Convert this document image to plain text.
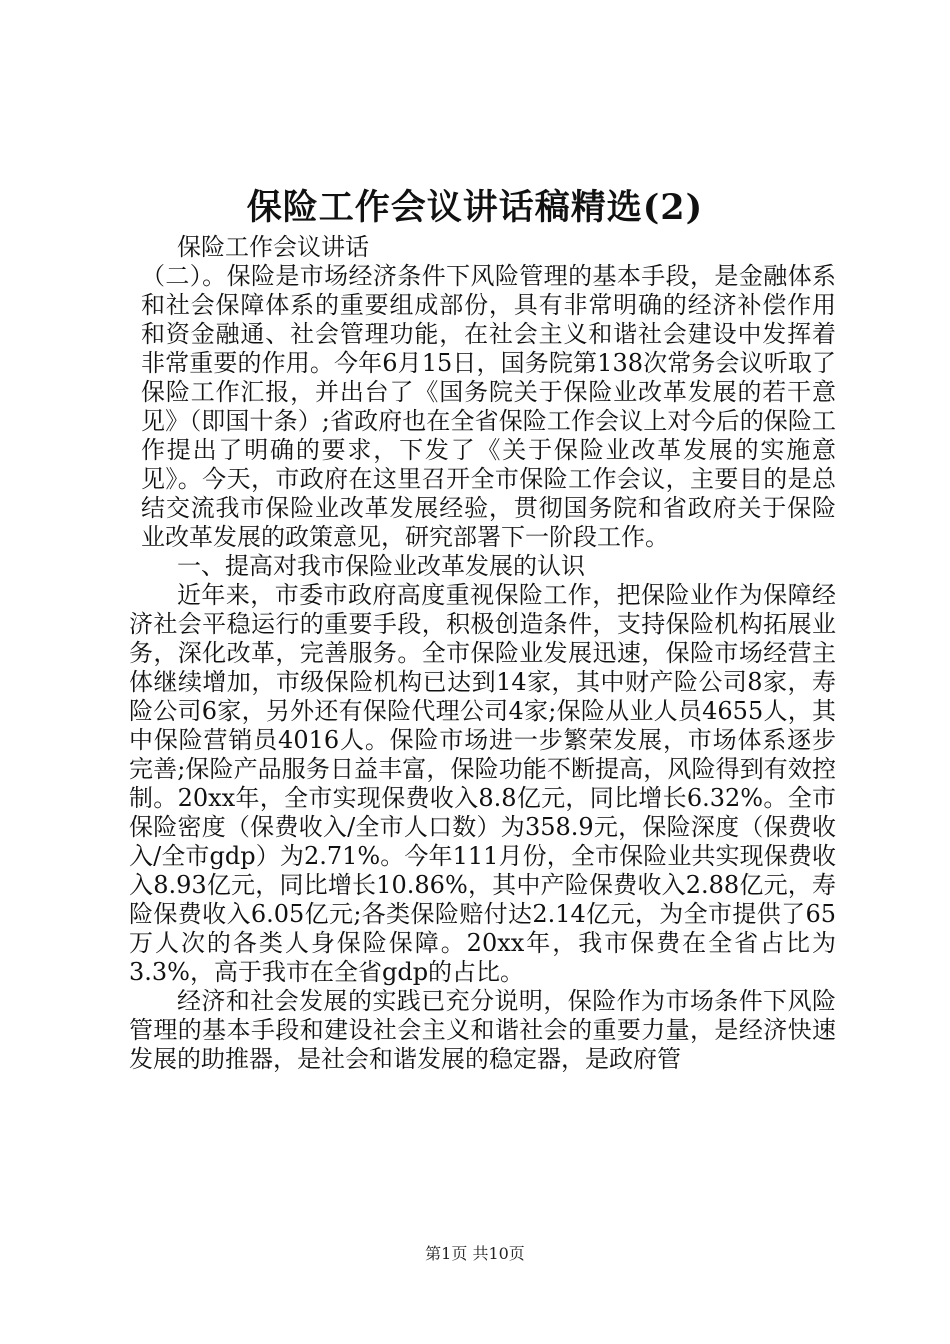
保险工作会议讲话稿精选(2)

保险工作会议讲话

（二）。保险是市场经济条件下风险管理的基本手段，是金融体系和社会保障体系的重要组成部份，具有非常明确的经济补偿作用和资金融通、社会管理功能，在社会主义和谐社会建设中发挥着非常重要的作用。今年6月15日，国务院第138次常务会议听取了保险工作汇报，并出台了《国务院关于保险业改革发展的若干意见》（即国十条）;省政府也在全省保险工作会议上对今后的保险工作提出了明确的要求，下发了《关于保险业改革发展的实施意见》。今天，市政府在这里召开全市保险工作会议，主要目的是总结交流我市保险业改革发展经验，贯彻国务院和省政府关于保险业改革发展的政策意见，研究部署下一阶段工作。

一、提高对我市保险业改革发展的认识

近年来，市委市政府高度重视保险工作，把保险业作为保障经济社会平稳运行的重要手段，积极创造条件，支持保险机构拓展业务，深化改革，完善服务。全市保险业发展迅速，保险市场经营主体继续增加，市级保险机构已达到14家，其中财产险公司8家，寿险公司6家，另外还有保险代理公司4家;保险从业人员4655人，其中保险营销员4016人。保险市场进一步繁荣发展，市场体系逐步完善;保险产品服务日益丰富，保险功能不断提高，风险得到有效控制。20xx年，全市实现保费收入8.8亿元，同比增长6.32%。全市保险密度（保费收入/全市人口数）为358.9元，保险深度（保费收入/全市gdp）为2.71%。今年111月份，全市保险业共实现保费收入8.93亿元，同比增长10.86%，其中产险保费收入2.88亿元，寿险保费收入6.05亿元;各类保险赔付达2.14亿元，为全市提供了65万人次的各类人身保险保障。20xx年，我市保费在全省占比为3.3%，高于我市在全省gdp的占比。

经济和社会发展的实践已充分说明，保险作为市场条件下风险管理的基本手段和建设社会主义和谐社会的重要力量，是经济快速发展的助推器，是社会和谐发展的稳定器，是政府管

第1页 共10页
